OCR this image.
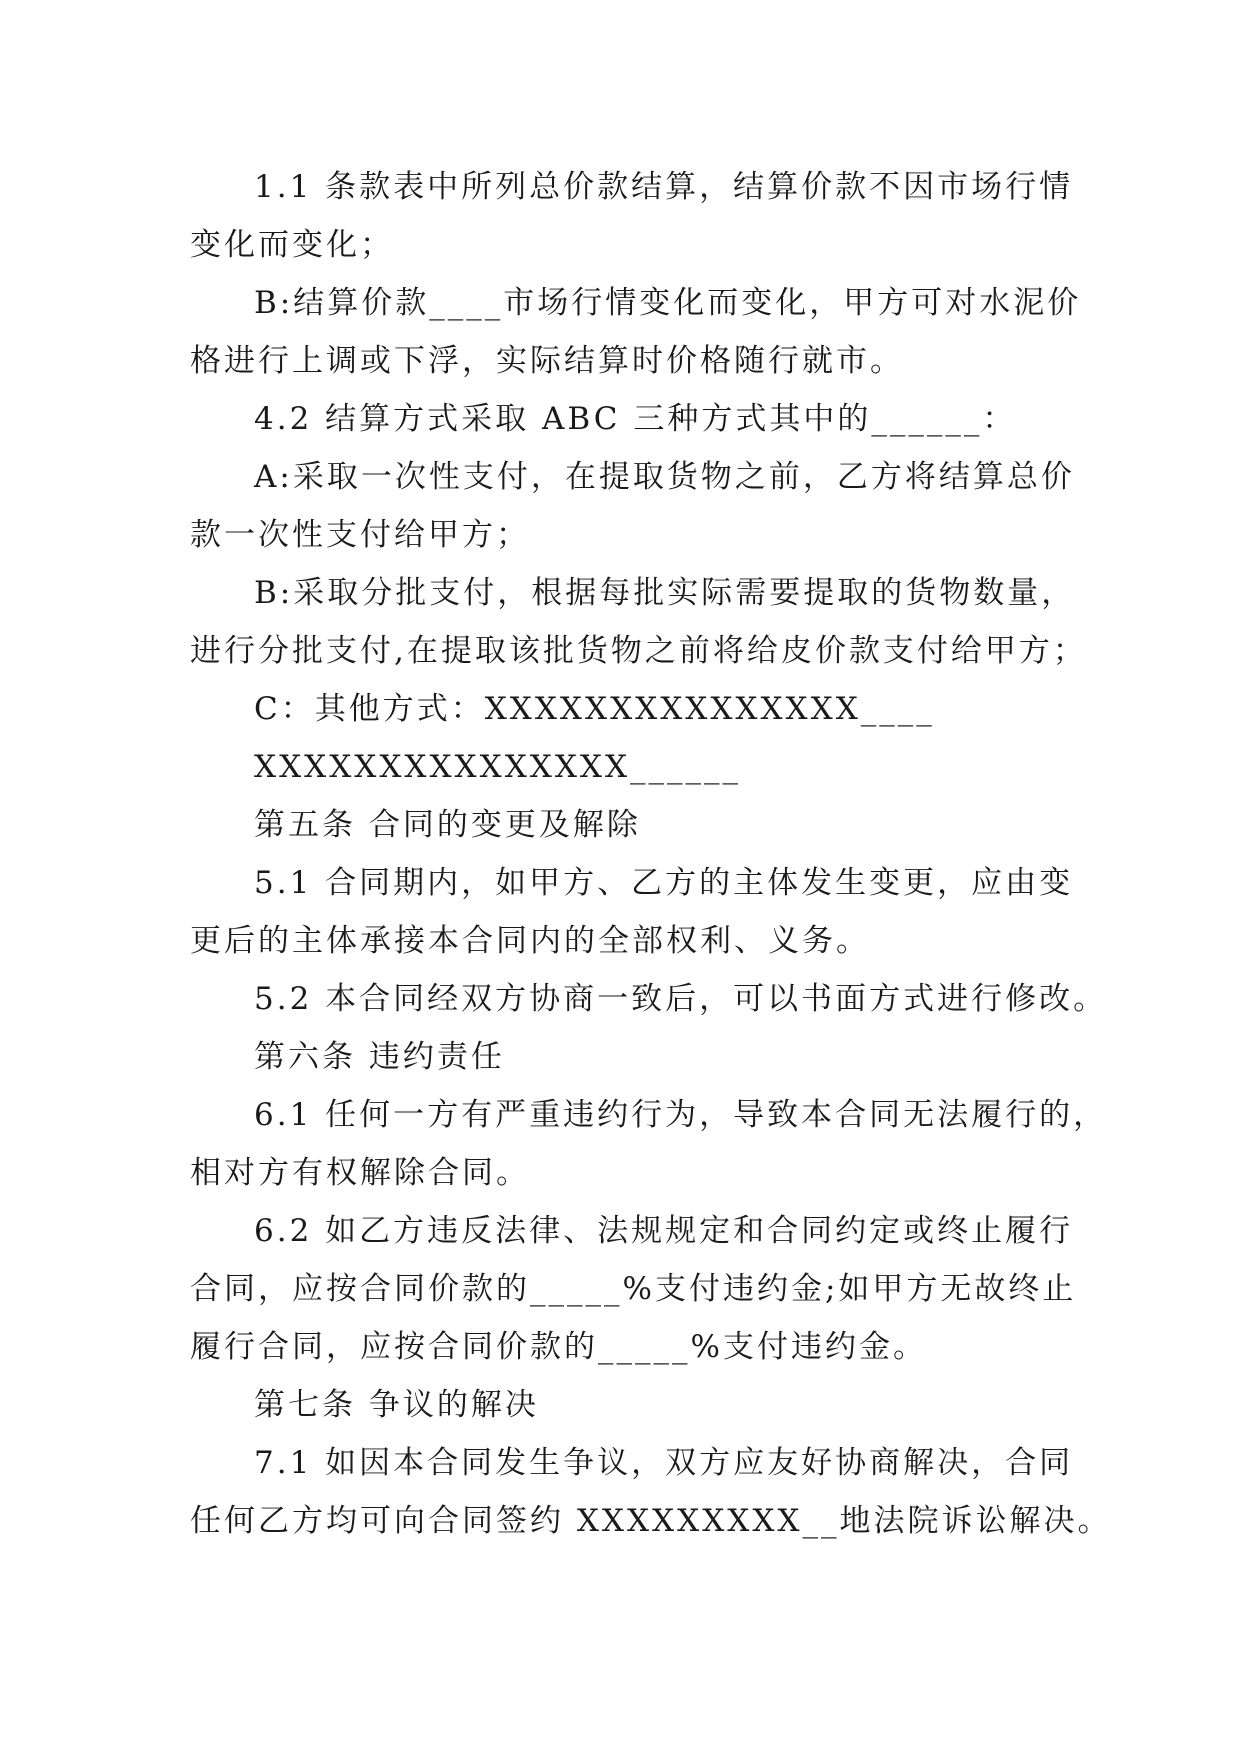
1.1 条款表中所列总价款结算，结算价款不因市场行情
变化而变化；
B:结算价款____市场行情变化而变化，甲方可对水泥价
格进行上调或下浮，实际结算时价格随行就市。
4.2 结算方式采取 ABC 三种方式其中的______：
A:采取一次性支付，在提取货物之前，乙方将结算总价
款一次性支付给甲方；
B:采取分批支付，根据每批实际需要提取的货物数量，
进行分批支付,在提取该批货物之前将给皮价款支付给甲方；
C：其他方式：XXXXXXXXXXXXXXX____
XXXXXXXXXXXXXXX______
第五条 合同的变更及解除
5.1 合同期内，如甲方、乙方的主体发生变更，应由变
更后的主体承接本合同内的全部权利、义务。
5.2 本合同经双方协商一致后，可以书面方式进行修改。
第六条 违约责任
6.1 任何一方有严重违约行为，导致本合同无法履行的，
相对方有权解除合同。
6.2 如乙方违反法律、法规规定和合同约定或终止履行
合同，应按合同价款的_____%支付违约金;如甲方无故终止
履行合同，应按合同价款的_____%支付违约金。
第七条 争议的解决
7.1 如因本合同发生争议，双方应友好协商解决，合同
任何乙方均可向合同签约 XXXXXXXXX__地法院诉讼解决。
